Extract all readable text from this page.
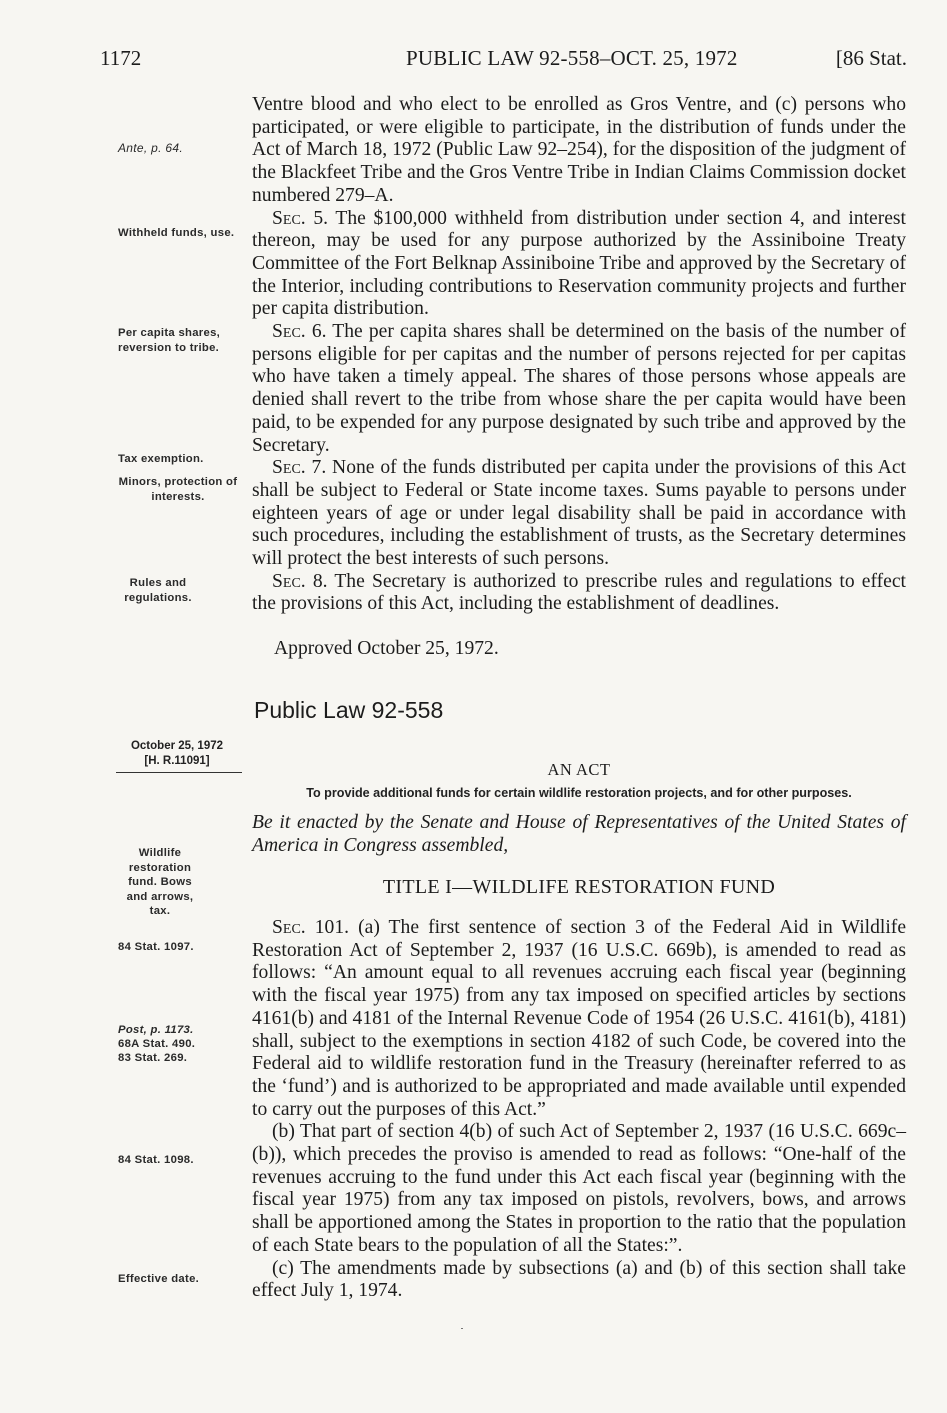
1172	PUBLIC LAW 92-558–OCT. 25, 1972	[86 Stat.
Ante, p. 64.
Withheld funds, use.
Per capita shares, reversion to tribe.
Tax exemption.
Minors, protection of interests.
Rules and regulations.
Wildlife restoration fund. Bows and arrows, tax.
84 Stat. 1097.
Post, p. 1173.
68A Stat. 490.
83 Stat. 269.
84 Stat. 1098.
Effective date.

Ventre blood and who elect to be enrolled as Gros Ventre, and (c) persons who participated, or were eligible to participate, in the distribution of funds under the Act of March 18, 1972 (Public Law 92–254), for the disposition of the judgment of the Blackfeet Tribe and the Gros Ventre Tribe in Indian Claims Commission docket numbered 279–A.

Sec. 5. The $100,000 withheld from distribution under section 4, and interest thereon, may be used for any purpose authorized by the Assiniboine Treaty Committee of the Fort Belknap Assiniboine Tribe and approved by the Secretary of the Interior, including contributions to Reservation community projects and further per capita distribution.

Sec. 6. The per capita shares shall be determined on the basis of the number of persons eligible for per capitas and the number of persons rejected for per capitas who have taken a timely appeal. The shares of those persons whose appeals are denied shall revert to the tribe from whose share the per capita would have been paid, to be expended for any purpose designated by such tribe and approved by the Secretary.

Sec. 7. None of the funds distributed per capita under the provisions of this Act shall be subject to Federal or State income taxes. Sums payable to persons under eighteen years of age or under legal disability shall be paid in accordance with such procedures, including the establishment of trusts, as the Secretary determines will protect the best interests of such persons.

Sec. 8. The Secretary is authorized to prescribe rules and regulations to effect the provisions of this Act, including the establishment of deadlines.

Approved October 25, 1972.
Public Law 92-558
October 25, 1972
[H. R.11091]	AN ACT
To provide additional funds for certain wildlife restoration projects, and for other purposes.
Be it enacted by the Senate and House of Representatives of the United States of America in Congress assembled,
TITLE I—WILDLIFE RESTORATION FUND

Sec. 101. (a) The first sentence of section 3 of the Federal Aid in Wildlife Restoration Act of September 2, 1937 (16 U.S.C. 669b), is amended to read as follows: “An amount equal to all revenues accruing each fiscal year (beginning with the fiscal year 1975) from any tax imposed on specified articles by sections 4161(b) and 4181 of the Internal Revenue Code of 1954 (26 U.S.C. 4161(b), 4181) shall, subject to the exemptions in section 4182 of such Code, be covered into the Federal aid to wildlife restoration fund in the Treasury (hereinafter referred to as the ‘fund’) and is authorized to be appropriated and made available until expended to carry out the purposes of this Act.”

(b) That part of section 4(b) of such Act of September 2, 1937 (16 U.S.C. 669c–(b)), which precedes the proviso is amended to read as follows: “One-half of the revenues accruing to the fund under this Act each fiscal year (beginning with the fiscal year 1975) from any tax imposed on pistols, revolvers, bows, and arrows shall be apportioned among the States in proportion to the ratio that the population of each State bears to the population of all the States:”.

(c) The amendments made by subsections (a) and (b) of this section shall take effect July 1, 1974.
